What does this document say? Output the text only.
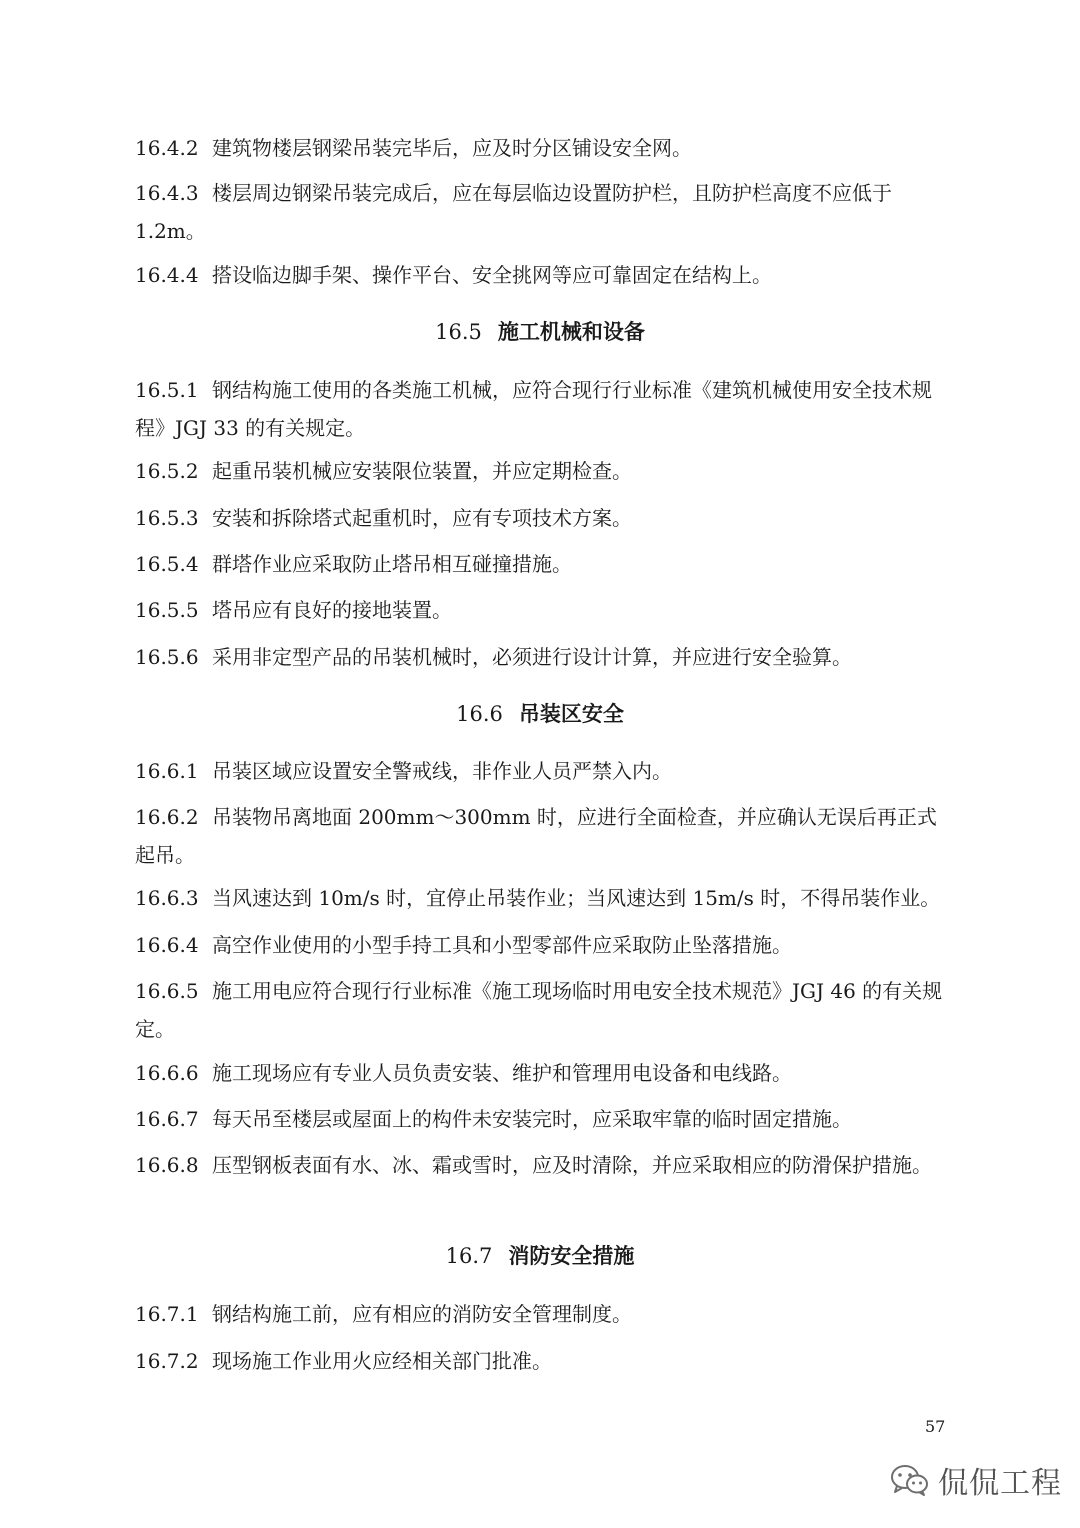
16.4.2 建筑物楼层钢梁吊装完毕后，应及时分区铺设安全网。
16.4.3 楼层周边钢梁吊装完成后，应在每层临边设置防护栏，且防护栏高度不应低于1.2m。
16.4.4 搭设临边脚手架、操作平台、安全挑网等应可靠固定在结构上。
16.5 施工机械和设备
16.5.1 钢结构施工使用的各类施工机械，应符合现行行业标准《建筑机械使用安全技术规程》JGJ 33 的有关规定。
16.5.2 起重吊装机械应安装限位装置，并应定期检查。
16.5.3 安装和拆除塔式起重机时，应有专项技术方案。
16.5.4 群塔作业应采取防止塔吊相互碰撞措施。
16.5.5 塔吊应有良好的接地装置。
16.5.6 采用非定型产品的吊装机械时，必须进行设计计算，并应进行安全验算。
16.6 吊装区安全
16.6.1 吊装区域应设置安全警戒线，非作业人员严禁入内。
16.6.2 吊装物吊离地面 200mm～300mm 时，应进行全面检查，并应确认无误后再正式起吊。
16.6.3 当风速达到 10m/s 时，宜停止吊装作业；当风速达到 15m/s 时，不得吊装作业。
16.6.4 高空作业使用的小型手持工具和小型零部件应采取防止坠落措施。
16.6.5 施工用电应符合现行行业标准《施工现场临时用电安全技术规范》JGJ 46 的有关规定。
16.6.6 施工现场应有专业人员负责安装、维护和管理用电设备和电线路。
16.6.7 每天吊至楼层或屋面上的构件未安装完时，应采取牢靠的临时固定措施。
16.6.8 压型钢板表面有水、冰、霜或雪时，应及时清除，并应采取相应的防滑保护措施。
16.7 消防安全措施
16.7.1 钢结构施工前，应有相应的消防安全管理制度。
16.7.2 现场施工作业用火应经相关部门批准。
57
侃侃工程
